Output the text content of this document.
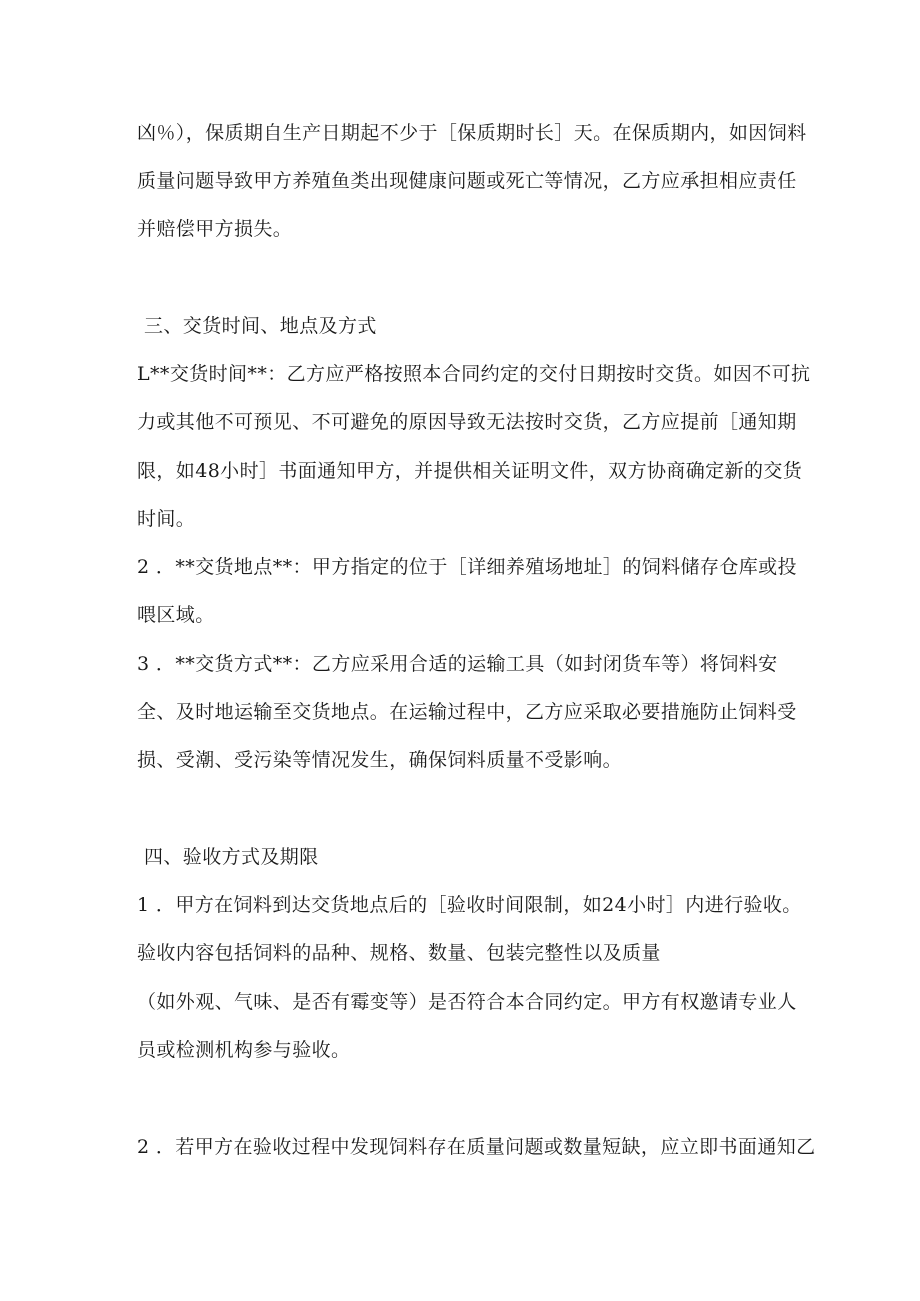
凶％），保质期自生产日期起不少于［保质期时长］天。在保质期内，如因饲料
质量问题导致甲方养殖鱼类出现健康问题或死亡等情况，乙方应承担相应责任
并赔偿甲方损失。
三、交货时间、地点及方式
L**交货时间**：乙方应严格按照本合同约定的交付日期按时交货。如因不可抗
力或其他不可预见、不可避免的原因导致无法按时交货，乙方应提前［通知期
限，如48小时］书面通知甲方，并提供相关证明文件，双方协商确定新的交货
时间。
2 ．**交货地点**：甲方指定的位于［详细养殖场地址］的饲料储存仓库或投
喂区域。
3 ．**交货方式**：乙方应采用合适的运输工具（如封闭货车等）将饲料安
全、及时地运输至交货地点。在运输过程中，乙方应采取必要措施防止饲料受
损、受潮、受污染等情况发生，确保饲料质量不受影响。
四、验收方式及期限
1 ．甲方在饲料到达交货地点后的［验收时间限制，如24小时］内进行验收。
验收内容包括饲料的品种、规格、数量、包装完整性以及质量
（如外观、气味、是否有霉变等）是否符合本合同约定。甲方有权邀请专业人
员或检测机构参与验收。
2 ．若甲方在验收过程中发现饲料存在质量问题或数量短缺，应立即书面通知乙
